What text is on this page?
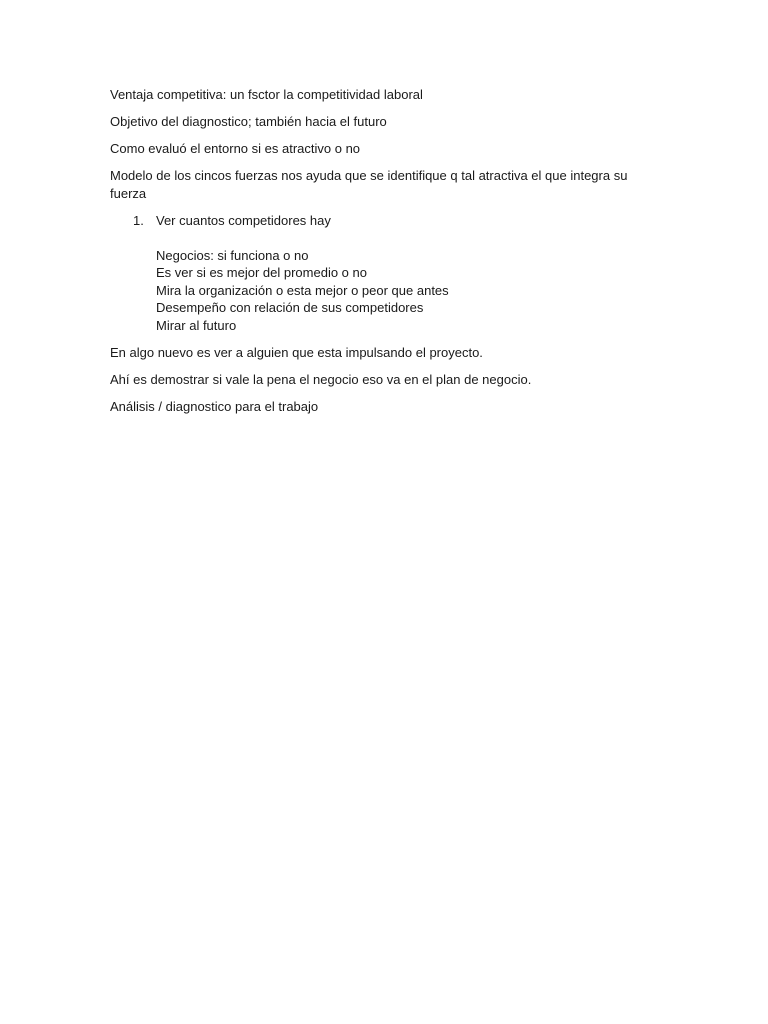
Ventaja competitiva: un fsctor la competitividad laboral

Objetivo del diagnostico; también hacia el futuro

Como evaluó el entorno si es atractivo o no

Modelo de los cincos fuerzas nos ayuda que se identifique q tal atractiva el que integra su fuerza

1. Ver cuantos competidores hay
Negocios: si funciona o no
Es ver si es mejor del promedio o no
Mira la organización o esta mejor o peor que antes
Desempeño con relación de sus competidores
Mirar al futuro

En algo nuevo es ver a alguien que esta impulsando el proyecto.

Ahí es demostrar si vale la pena el negocio eso va en el plan de negocio.

Análisis / diagnostico para el trabajo
